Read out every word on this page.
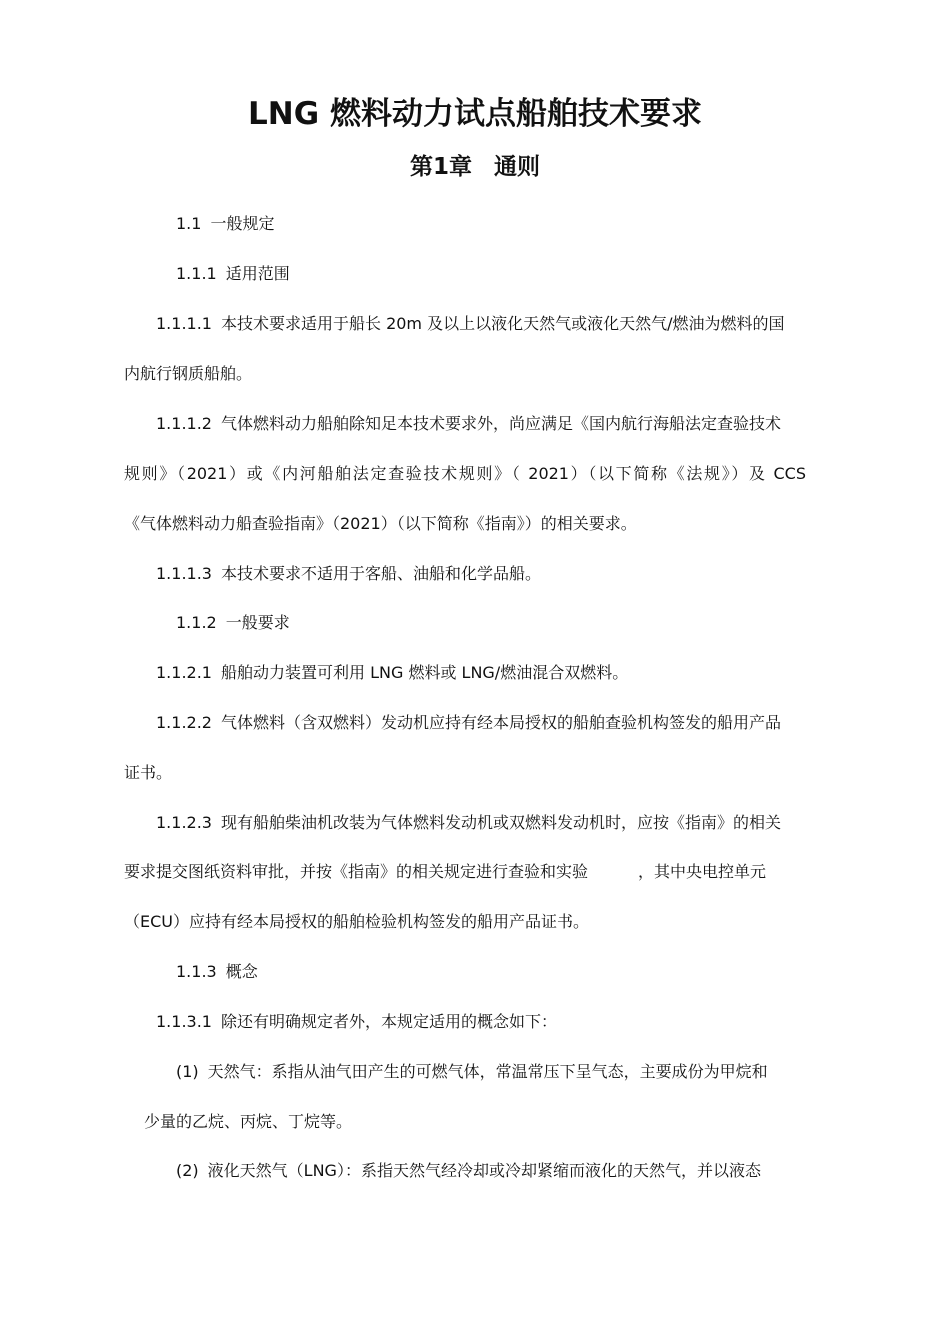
LNG 燃料动力试点船舶技术要求
第1章 通则
1.1 一般规定
1.1.1 适用范围
1.1.1.1 本技术要求适用于船长 20m 及以上以液化天然气或液化天然气/燃油为燃料的国
内航行钢质船舶。
1.1.1.2 气体燃料动力船舶除知足本技术要求外，尚应满足《国内航行海船法定查验技术
规则》（2021）或《内河船舶法定查验技术规则》（ 2021）（以下简称《法规》）及 CCS
《气体燃料动力船查验指南》（2021）（以下简称《指南》）的相关要求。
1.1.1.3 本技术要求不适用于客船、油船和化学品船。
1.1.2 一般要求
1.1.2.1 船舶动力装置可利用 LNG 燃料或 LNG/燃油混合双燃料。
1.1.2.2 气体燃料（含双燃料）发动机应持有经本局授权的船舶查验机构签发的船用产品
证书。
1.1.2.3 现有船舶柴油机改装为气体燃料发动机或双燃料发动机时，应按《指南》的相关
要求提交图纸资料审批，并按《指南》的相关规定进行查验和实验	，其中央电控单元
（ECU）应持有经本局授权的船舶检验机构签发的船用产品证书。
1.1.3 概念
1.1.3.1 除还有明确规定者外，本规定适用的概念如下：
(1) 天然气：系指从油气田产生的可燃气体，常温常压下呈气态，主要成份为甲烷和
少量的乙烷、丙烷、丁烷等。
(2) 液化天然气（LNG）：系指天然气经冷却或冷却紧缩而液化的天然气，并以液态
